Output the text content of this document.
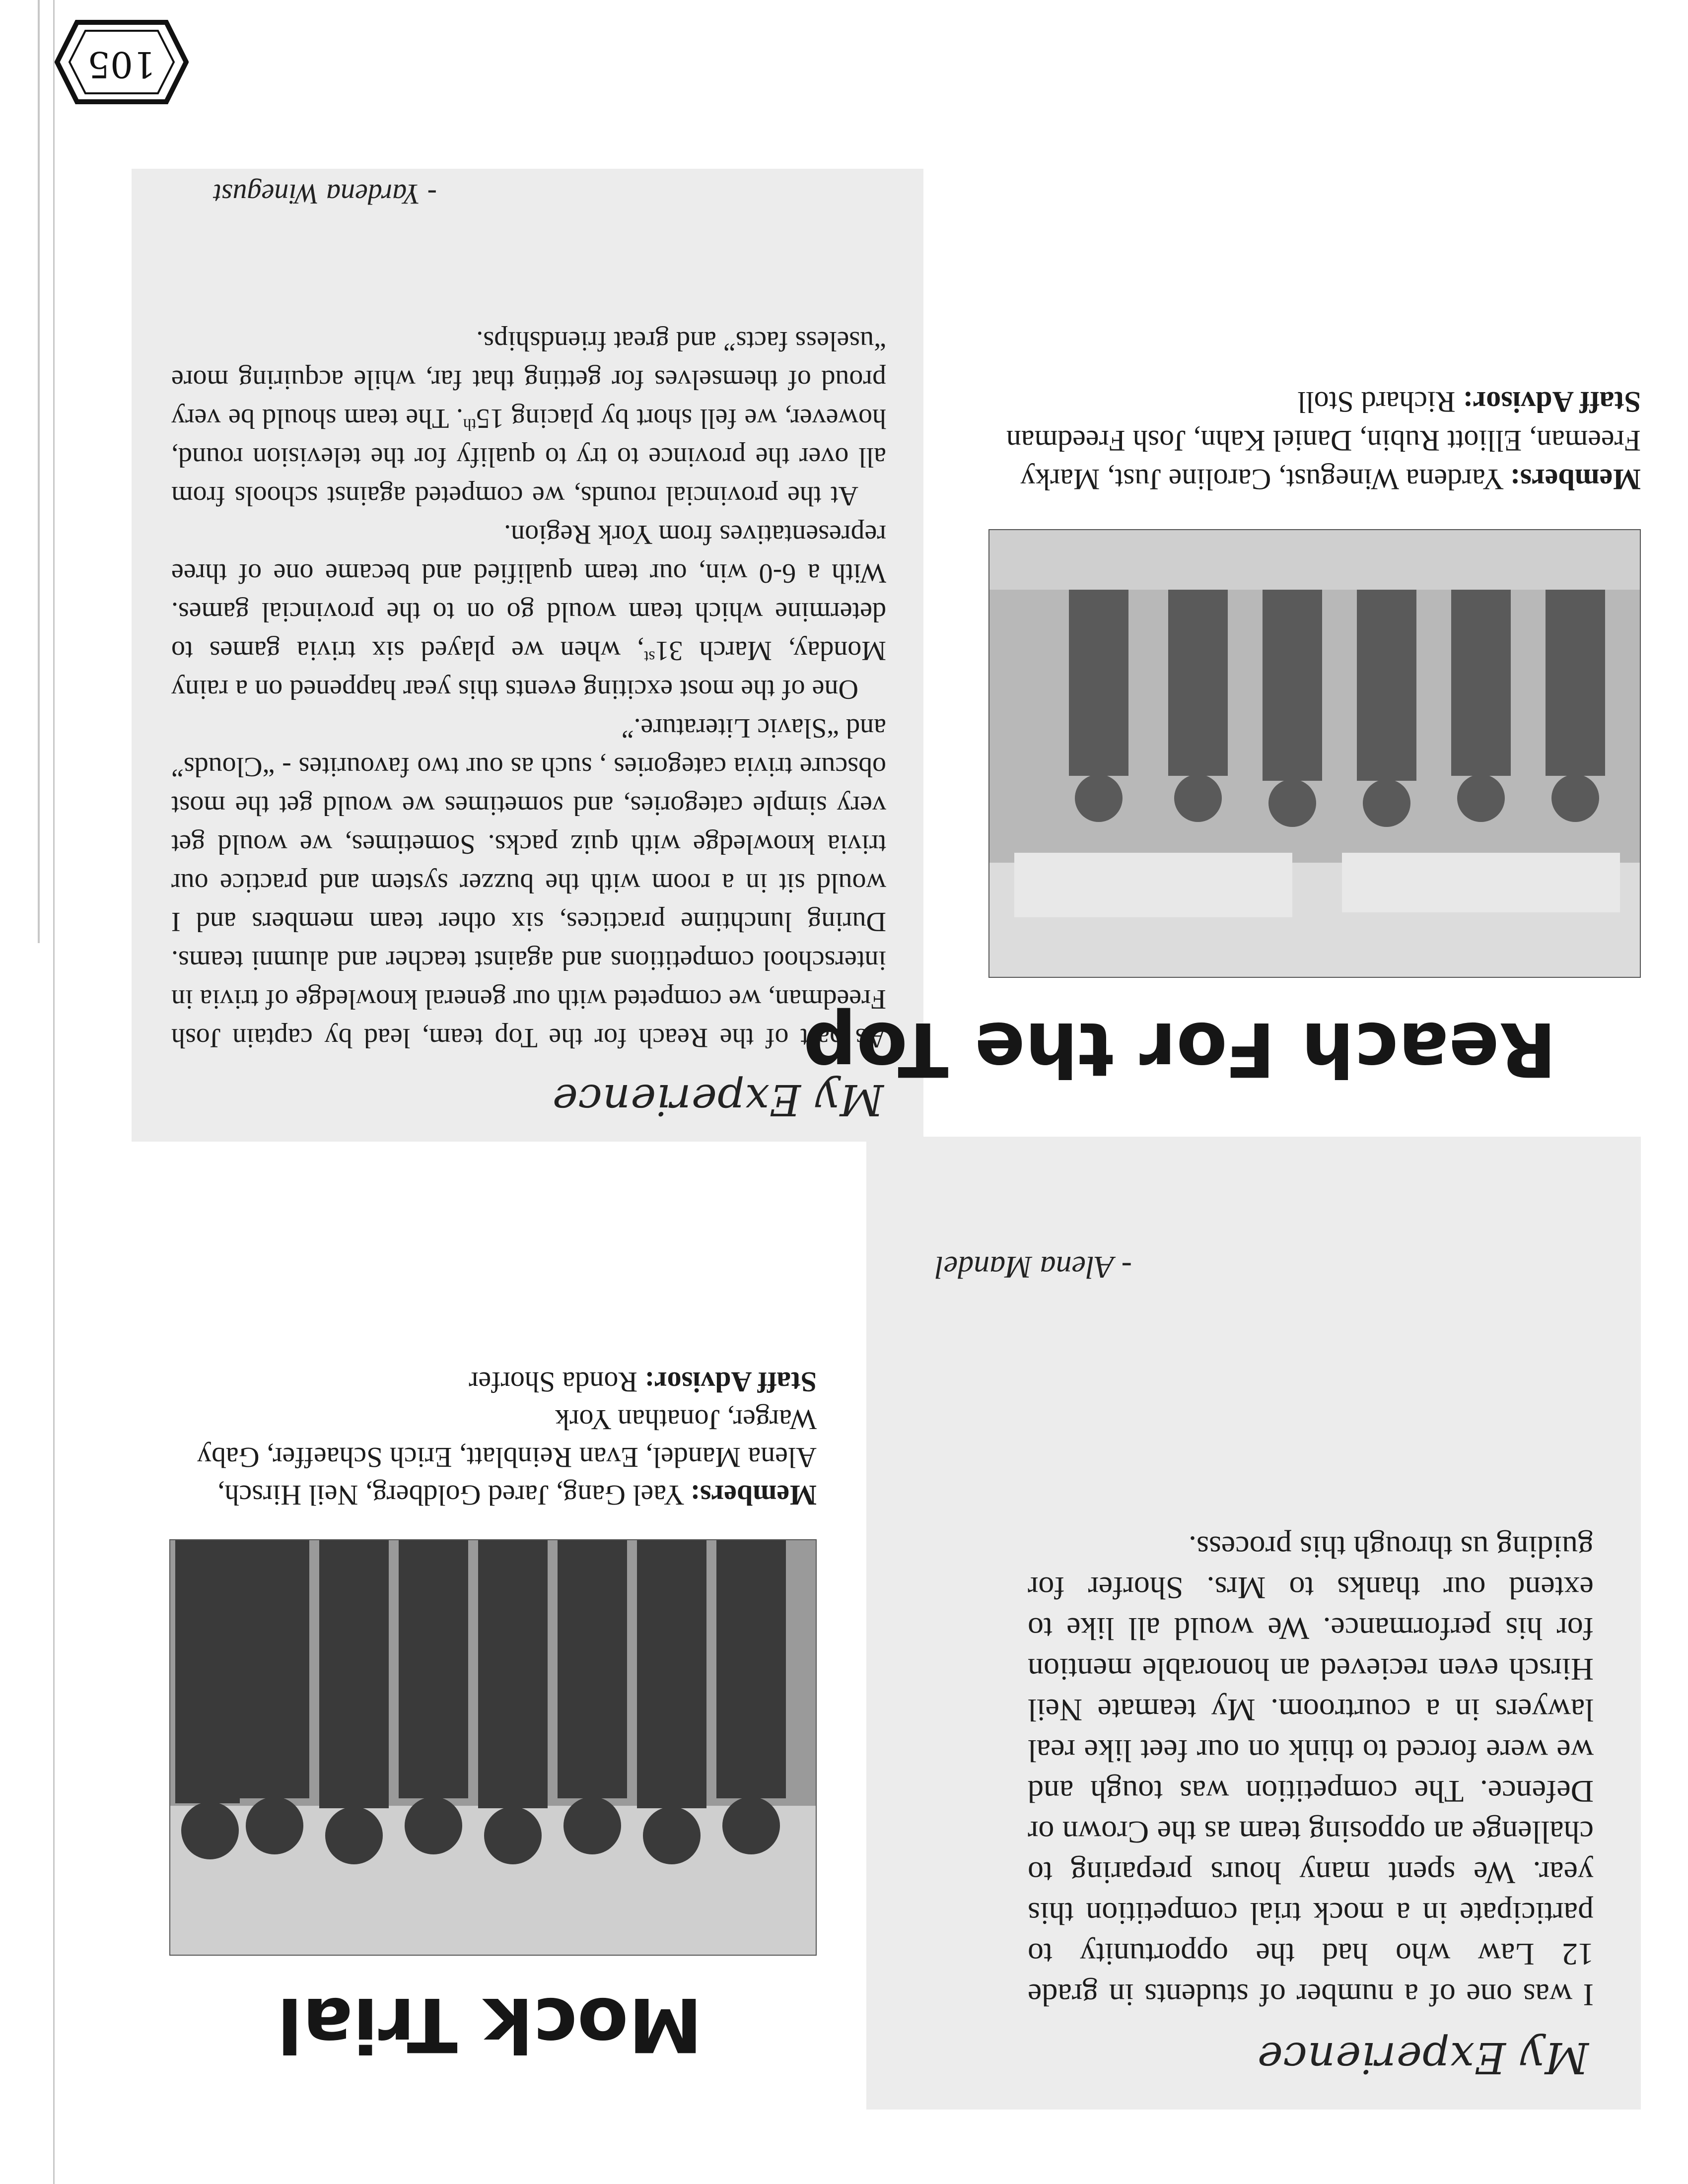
My Experience

As part of the Reach for the Top team, lead by captain Josh Freedman, we competed with our general knowledge of trivia in interschool competitions and against teacher and alumni teams. During lunchtime practices, six other team members and I would sit in a room with the buzzer system and practice our trivia knowledge with quiz packs. Sometimes, we would get very simple categories, and sometimes we would get the most obscure trivia categories , such as our two favourites - “Clouds” and “Slavic Literature.”

One of the most exciting events this year happened on a rainy Monday, March 31st, when we played six trivia games to determine which team would go on to the provincial games. With a 6-0 win, our team qualified and became one of three representatives from York Region.

At the provincial rounds, we competed against schools from all over the province to try to qualify for the television round, however, we fell short by placing 15th. The team should be very proud of themselves for getting that far, while acquiring more “useless facts” and great friendships.

- Yardena Winegust
Reach For the Top
Members: Yardena Winegust, Caroline Just, Marky Freeman, Elliott Rubin, Daniel Kahn, Josh Freedman
Staff Advisor: Richard Stoll
My Experience
I was one of a number of students in grade 12 Law who had the opportunity to participate in a mock trial competition this year. We spent many hours preparing to challenge an opposing team as the Crown or Defence. The competition was tough and we were forced to think on our feet like real lawyers in a courtroom. My teamate Neil Hirsch even recieved an honorable mention for his performance. We would all like to extend our thanks to Mrs. Shorfer for guiding us through this process.
- Alena Mandel
Mock Trial
Members: Yael Gang, Jared Goldberg, Neil Hirsch, Alena Mandel, Evan Reinblatt, Erich Schaeffer, Gaby Warger, Jonathan York
Staff Advisor: Ronda Shorfer
105
